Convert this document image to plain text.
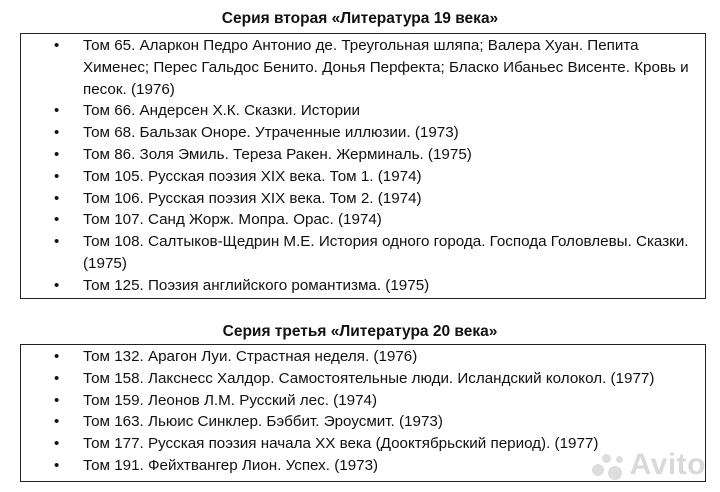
Серия вторая «Литература 19 века»
• Том 65. Аларкон Педро Антонио де. Треугольная шляпа; Валера Хуан. Пепита Хименес; Перес Гальдос Бенито. Донья Перфекта; Бласко Ибаньес Висенте. Кровь и песок. (1976)
• Том 66. Андерсен Х.К. Сказки. Истории
• Том 68. Бальзак Оноре. Утраченные иллюзии. (1973)
• Том 86. Золя Эмиль. Тереза Ракен. Жерминаль. (1975)
• Том 105. Русская поэзия XIX века. Том 1. (1974)
• Том 106. Русская поэзия XIX века. Том 2. (1974)
• Том 107. Санд Жорж. Мопра. Орас. (1974)
• Том 108. Салтыков-Щедрин М.Е. История одного города. Господа Головлевы. Сказки. (1975)
• Том 125. Поэзия английского романтизма. (1975)
Серия третья «Литература 20 века»
• Том 132. Арагон Луи. Страстная неделя. (1976)
• Том 158. Лакснесс Халдор. Самостоятельные люди. Исландский колокол. (1977)
• Том 159. Леонов Л.М. Русский лес. (1974)
• Том 163. Льюис Синклер. Бэббит. Эроусмит. (1973)
• Том 177. Русская поэзия начала XX века (Дооктябрьский период). (1977)
• Том 191. Фейхтвангер Лион. Успех. (1973)	Avito
